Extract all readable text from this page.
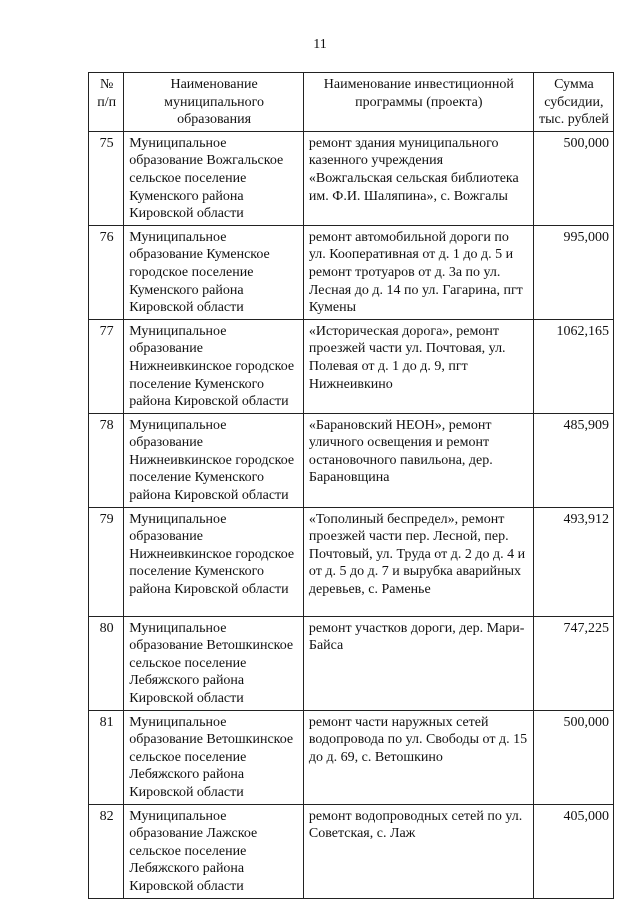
11
№ п/п	Наименование муниципального образования	Наименование инвестиционной программы (проекта)	Сумма субсидии, тыс. рублей
75	Муниципальное образование Вожгальское сельское поселение Куменского района Кировской области	ремонт здания муниципального казенного учреждения «Вожгальская сельская библиотека им. Ф.И. Шаляпина», с. Вожгалы	500,000
76	Муниципальное образование Куменское городское поселение Куменского района Кировской области	ремонт автомобильной дороги по ул. Кооперативная от д. 1 до д. 5 и ремонт тротуаров от д. 3а по ул. Лесная до д. 14 по ул. Гагарина, пгт Кумены	995,000
77	Муниципальное образование Нижнеивкинское городское поселение Куменского района Кировской области	«Историческая дорога», ремонт проезжей части ул. Почтовая, ул. Полевая от д. 1 до д. 9, пгт Нижнеивкино	1062,165
78	Муниципальное образование Нижнеивкинское городское поселение Куменского района Кировской области	«Барановский НЕОН», ремонт уличного освещения и ремонт остановочного павильона, дер. Барановщина	485,909
79	Муниципальное образование Нижнеивкинское городское поселение Куменского района Кировской области	«Тополиный беспредел», ремонт проезжей части пер. Лесной, пер. Почтовый, ул. Труда от д. 2 до д. 4 и от д. 5 до д. 7 и вырубка аварийных деревьев, с. Раменье	493,912
80	Муниципальное образование Ветошкинское сельское поселение Лебяжского района Кировской области	ремонт участков дороги, дер. Мари-Байса	747,225
81	Муниципальное образование Ветошкинское сельское поселение Лебяжского района Кировской области	ремонт части наружных сетей водопровода по ул. Свободы от д. 15 до д. 69, с. Ветошкино	500,000
82	Муниципальное образование Лажское сельское поселение Лебяжского района Кировской области	ремонт водопроводных сетей по ул. Советская, с. Лаж	405,000
